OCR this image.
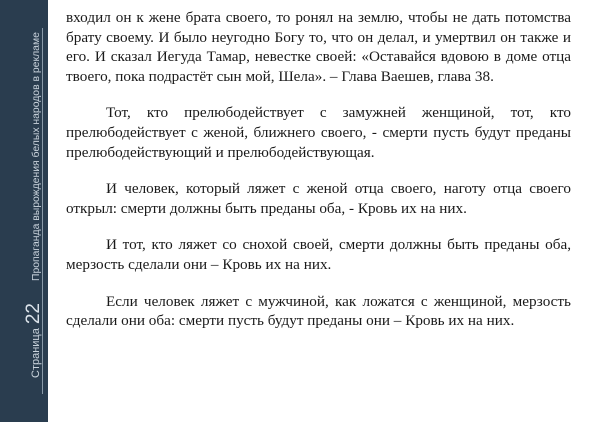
Страница
22
Пропаганда вырождения белых народов в рекламе

входил он к жене брата своего, то ронял на землю, чтобы не дать потомства брату своему. И было неугодно Богу то, что он делал, и умертвил он также и его. И сказал Иегуда Тамар, невестке своей: «Оставайся вдовою в доме отца твоего, пока подрастёт сын мой, Шела». – Глава Ваешев, глава 38.

Тот, кто прелюбодействует с замужней женщиной, тот, кто прелюбодействует с женой, ближнего своего, - смерти пусть будут преданы прелюбодействующий и прелюбодействующая.

И человек, который ляжет с женой отца своего, наготу отца своего открыл: смерти должны быть преданы оба, - Кровь их на них.

И тот, кто ляжет со снохой своей, смерти должны быть преданы оба, мерзость сделали они – Кровь их на них.

Если человек ляжет с мужчиной, как ложатся с женщиной, мерзость сделали они оба: смерти пусть будут преданы они – Кровь их на них.
